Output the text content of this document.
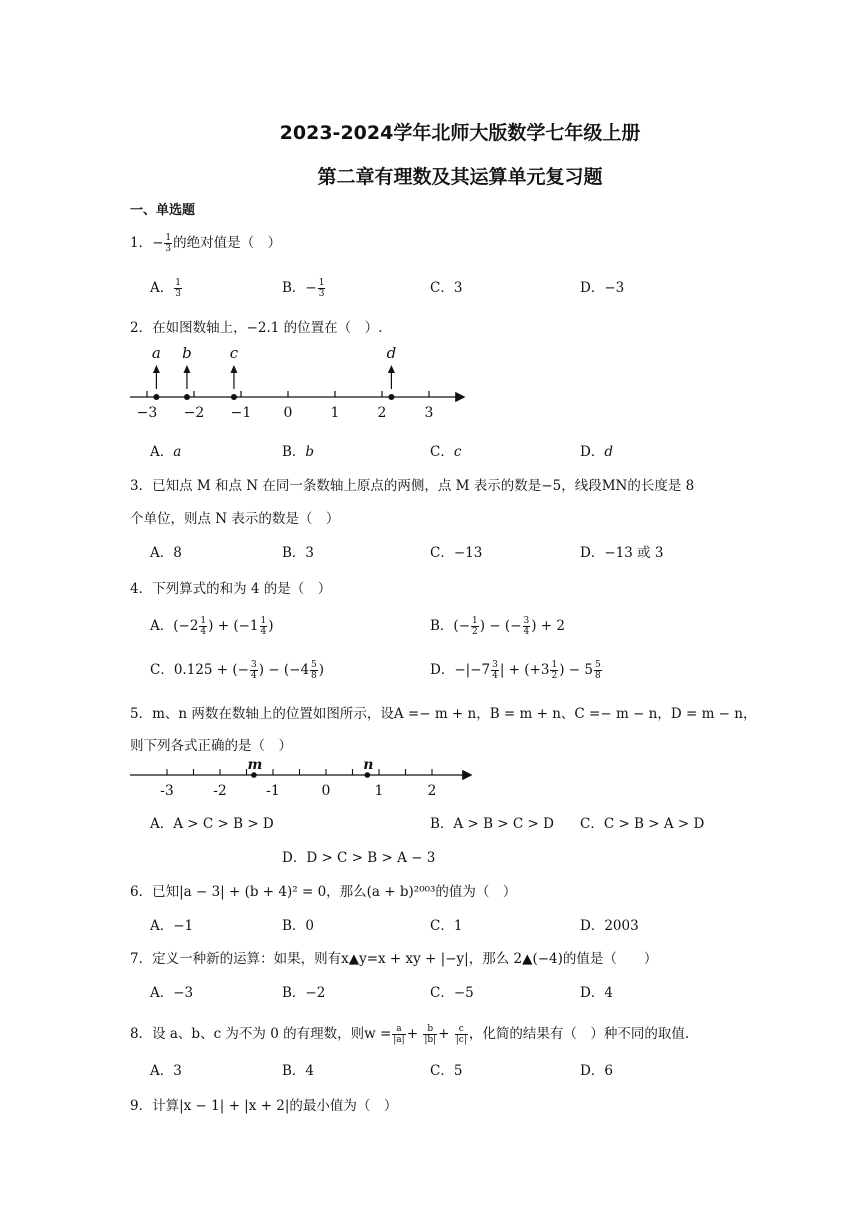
2023-2024学年北师大版数学七年级上册
第二章有理数及其运算单元复习题
一、单选题
1．− $\frac{1}{3}$ 的绝对值是（　）
A． $\frac{1}{3}$	B．− $\frac{1}{3}$	C．3	D．−3
2．在如图数轴上，−2.1 的位置在（　）.
−3 −2 −1 0	1	2	3
a b	c	d
A．a	B．b	C．c	D．d
3．已知点 M 和点 N 在同一条数轴上原点的两侧，点 M 表示的数是−5，线段MN的长度是 8
个单位，则点 N 表示的数是（　）
A．8	B．3	C．−13	D．−13 或 3
4．下列算式的和为 4 的是（　）
A．($-2 \frac{1}{4}$ ) + ($-1 \frac{1}{4}$ )	B．(− $\frac{1}{2}$ ) − (− $\frac{3}{4}$ ) + 2
C．0.125 + (− $\frac{3}{4}$ ) − ($-4 \frac{5}{8}$ )	D．$-|-7 \frac{3}{4}$ | + ($+3 \frac{1}{2}$ ) − $5 \frac{5}{8}$
5．m、n 两数在数轴上的位置如图所示，设A =− m + n，B = m + n、C =− m − n，D = m − n，
则下列各式正确的是（　）
-3	-2	-1	0	1	2
m	n
A．A > C > B > D	B．A > B > C > D C．C > B > A > D
D．D > C > B > A − 3
6．已知|a − 3| + (b + 4)² = 0，那么(a + b)²⁰⁰³的值为（　）
A．−1	B．0	C．1	D．2003
7．定义一种新的运算：如果，则有x▲y=x + xy + |−y|，那么 2▲(−4)的值是（　　）
A．−3	B．−2	C．−5	D．4
8．设 a、b、c 为不为 0 的有理数，则$w = \frac{a}{|a|} + \frac{b}{|b|} + \frac{c}{|c|}$ ，化简的结果有（　）种不同的取值.
A．3	B．4	C．5	D．6
9．计算|x − 1| + |x + 2|的最小值为（　）
